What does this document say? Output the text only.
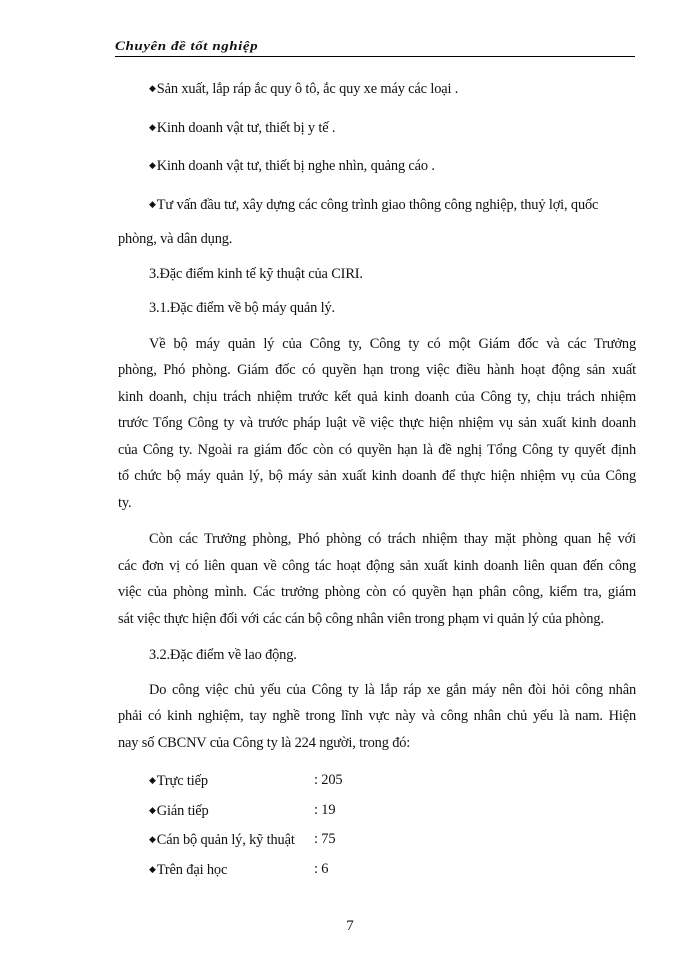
Chuyên đề tốt nghiệp
◆Sản xuất, lắp ráp ắc quy ô tô, ắc quy xe máy các loại .
◆Kinh doanh vật tư, thiết bị y tế .
◆Kinh doanh vật tư, thiết bị nghe nhìn, quảng cáo .
◆Tư vấn đầu tư, xây dựng các công trình giao thông công nghiệp, thuỷ lợi, quốc
phòng, và dân dụng.
3.Đặc điểm kinh tế kỹ thuật của CIRI.
3.1.Đặc điểm về bộ máy quản lý.
Về bộ máy quản lý của Công ty, Công ty có một Giám đốc và các Trưởng
phòng, Phó phòng. Giám đốc có quyền hạn trong việc điều hành hoạt động sản xuất
kinh doanh, chịu trách nhiệm trước kết quả kinh doanh của Công ty, chịu trách nhiệm
trước Tổng Công ty và trước pháp luật về việc thực hiện nhiệm vụ sản xuất kinh doanh
của Công ty. Ngoài ra giám đốc còn có quyền hạn là đề nghị Tổng Công ty quyết định
tổ chức bộ máy quản lý, bộ máy sản xuất kinh doanh để thực hiện nhiệm vụ của Công
ty.
Còn các Trưởng phòng, Phó phòng có trách nhiệm thay mặt phòng quan hệ với
các đơn vị có liên quan về công tác hoạt động sản xuất kinh doanh liên quan đến công
việc của phòng mình. Các trưởng phòng còn có quyền hạn phân công, kiểm tra, giám
sát việc thực hiện đối với các cán bộ công nhân viên trong phạm vi quản lý của phòng.
3.2.Đặc điểm về lao động.
Do công việc chủ yếu của Công ty là lắp ráp xe gắn máy nên đòi hỏi công nhân
phải có kinh nghiệm, tay nghề trong lĩnh vực này và công nhân chủ yếu là nam. Hiện
nay số CBCNV của Công ty là 224 người, trong đó:
◆Trực tiếp	: 205
◆Gián tiếp	: 19
◆Cán bộ quản lý, kỹ thuật	: 75
◆Trên đại học	: 6
7
